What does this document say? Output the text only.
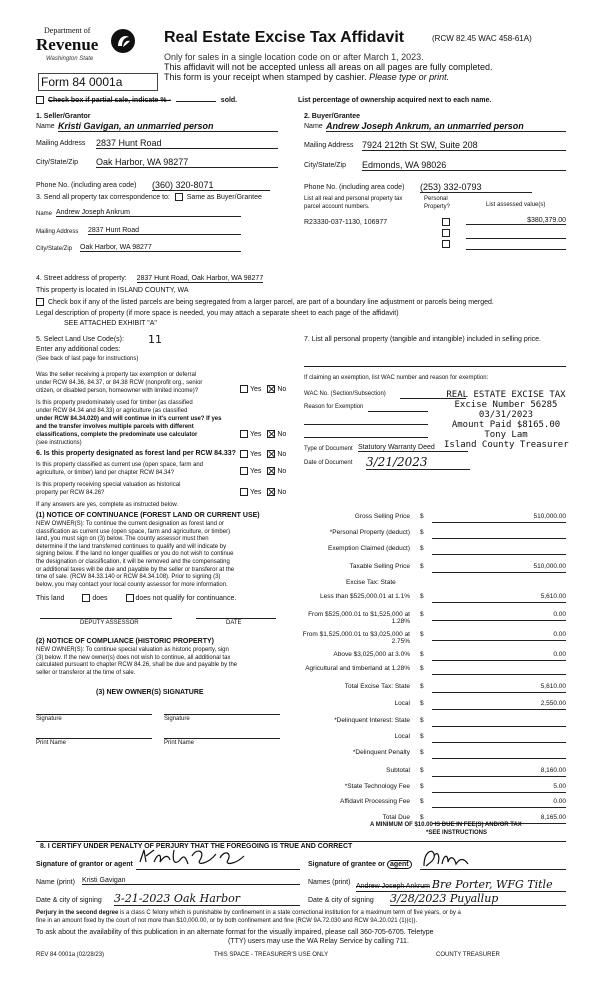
Department of
Revenue
Washington State
Form 84 0001a
Real Estate Excise Tax Affidavit	(RCW 82.45 WAC 458-61A)
Only for sales in a single location code on or after March 1, 2023.
This affidavit will not be accepted unless all areas on all pages are fully completed.
This form is your receipt when stamped by cashier. Please type or print.
Check box if partial sale, indicate % -	sold.	List percentage of ownership acquired next to each name.
1. Seller/Grantor
Name Kristi Gavigan, an unmarried person
Mailing Address 2837 Hunt Road
City/State/Zip Oak Harbor, WA 98277
Phone No. (including area code) (360) 320-8071
3. Send all property tax correspondence to: Same as Buyer/Grantee
Name Andrew Joseph Ankrum
Mailing Address 2837 Hunt Road
City/State/Zip Oak Harbor, WA 98277
2. Buyer/Grantee
Name Andrew Joseph Ankrum, an unmarried person
Mailing Address 7924 212th St SW, Suite 208
City/State/Zip Edmonds, WA 98026
Phone No. (including area code) (253) 332-0793
List all real and personal property tax
parcel account numbers.
Personal
Property?	List assessed value(s)
R23330-037-1130, 106977	$380,379.00
4. Street address of property: 2837 Hunt Road, Oak Harbor, WA 98277
This property is located in ISLAND COUNTY, WA
Check box if any of the listed parcels are being segregated from a larger parcel, are part of a boundary line adjustment or parcels being merged.
Legal description of property (if more space is needed, you may attach a separate sheet to each page of the affidavit)
SEE ATTACHED EXHIBIT "A"
5. Select Land Use Code(s): 11
Enter any additional codes:
(See back of last page for instructions)
Was the seller receiving a property tax exemption or deferral
under RCW 84.36, 84.37, or 84.38 RCW (nonprofit org., senior
citizen, or disabled person, homeowner with limited income)?	Yes No
Is this property predominately used for timber (as classified
under RCW 84.34 and 84.33) or agriculture (as classified
under RCW 84.34.020) and will continue in it's current use? If yes
and the transfer involves multiple parcels with different
classifications, complete the predominate use calculator
(see instructions)
Yes No
6. Is this property designated as forest land per RCW 84.33?	Yes No
Is this property classified as current use (open space, farm and
agriculture, or timber) land per chapter RCW 84.34?	Yes No
Is this property receiving special valuation as historical
property per RCW 84.26?	Yes No
If any answers are yes, complete as instructed below.
(1) NOTICE OF CONTINUANCE (FOREST LAND OR CURRENT USE)
NEW OWNER(S): To continue the current designation as forest land or
classification as current use (open space, farm and agriculture, or timber)
land, you must sign on (3) below. The county assessor must then
determine if the land transferred continues to qualify and will indicate by
signing below. If the land no longer qualifies or you do not wish to continue
the designation or classification, it will be removed and the compensating
or additional taxes will be due and payable by the seller or transferor at the
time of sale. (RCW 84.33.140 or RCW 84.34.108). Prior to signing (3)
below, you may contact your local county assessor for more information.
This land	does	does not qualify for continuance.
DEPUTY ASSESSOR	DATE
(2) NOTICE OF COMPLIANCE (HISTORIC PROPERTY)
NEW OWNER(S): To continue special valuation as historic property, sign
(3) below. If the new owner(s) does not wish to continue, all additional tax
calculated pursuant to chapter RCW 84.26, shall be due and payable by the
seller or transferor at the time of sale.
(3) NEW OWNER(S) SIGNATURE
Signature	Signature
Print Name	Print Name
7. List all personal property (tangible and intangible) included in selling price.
If claiming an exemption, list WAC number and reason for exemption:
WAC No. (Section/Subsection)
Reason for Exemption
REAL ESTATE EXCISE TAX
Excise Number 56285
03/31/2023
Amount Paid $8165.00
Tony Lam
Island County Treasurer
Type of Document Statutory Warranty Deed
Date of Document 3/21/2023
Gross Selling Price $	510,000.00
*Personal Property (deduct) $
Exemption Claimed (deduct) $
Taxable Selling Price $	510,000.00
Excise Tax: State
Less than $525,000.01 at 1.1% $	5,610.00
From $525,000.01 to $1,525,000 at 1.28%
$	0.00
From $1,525,000.01 to $3,025,000 at 2.75%
$	0.00
Above $3,025,000 at 3.0% $	0.00
Agricultural and timberland at 1.28% $
Total Excise Tax: State $	5,610.00
Local $	2,550.00
*Delinquent Interest: State $
Local $
*Delinquent Penalty $
Subtotal $	8,160.00
*State Technology Fee $	5.00
Affidavit Processing Fee $	0.00
Total Due $	8,165.00
A MINIMUM OF $10.00 IS DUE IN FEE(S) AND/OR TAX
*SEE INSTRUCTIONS
8. I CERTIFY UNDER PENALTY OF PERJURY THAT THE FOREGOING IS TRUE AND CORRECT
Signature of grantor or agent	Signature of grantee or agent
Name (print) Kristi Gavigan	Names (print)
Andrew Joseph Ankrum Bre Porter, WFG Title
Date & city of signing 3-21-2023 Oak Harbor	Date & city of signing 3/28/2023 Puyallup
Perjury in the second degree is a class C felony which is punishable by confinement in a state correctional institution for a maximum term of five years, or by a
fine in an amount fixed by the court of not more than $10,000.00, or by both confinement and fine (RCW 9A.72.030 and RCW 9A.20.021 (1)(c)).
To ask about the availability of this publication in an alternate format for the visually impaired, please call 360-705-6705. Teletype
(TTY) users may use the WA Relay Service by calling 711.
REV 84 0001a (02/28/23)	THIS SPACE - TREASURER'S USE ONLY	COUNTY TREASURER
